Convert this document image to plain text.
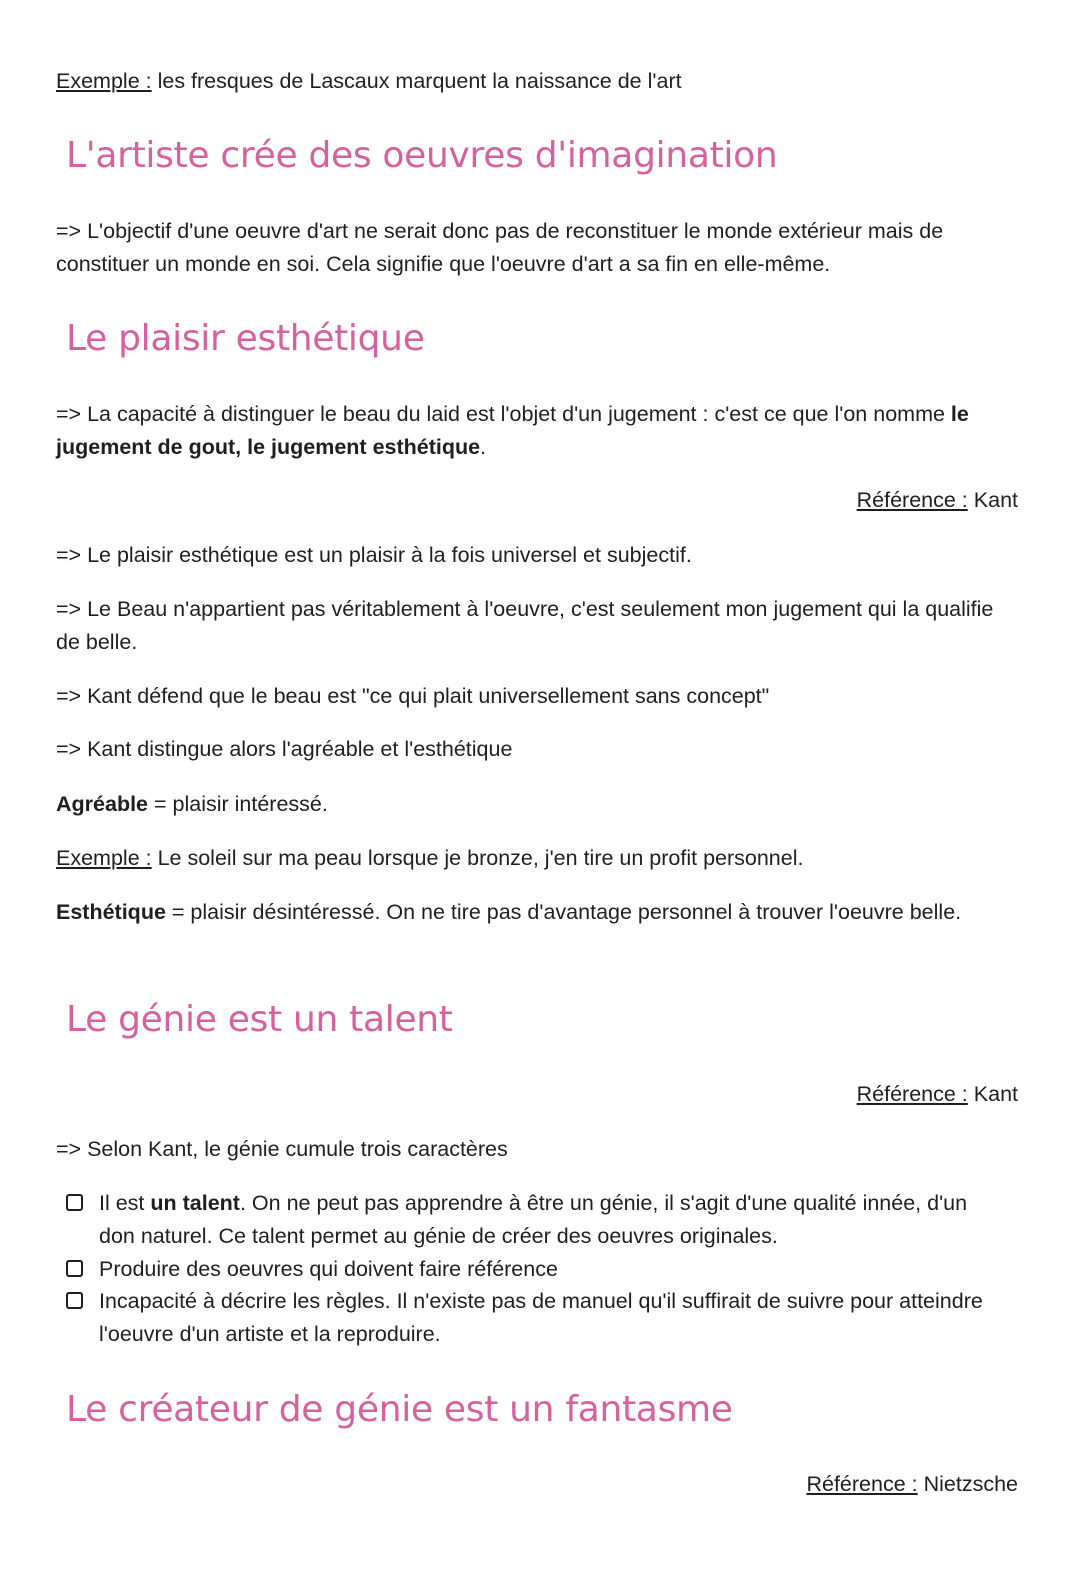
Exemple : les fresques de Lascaux marquent la naissance de l'art

L'artiste crée des oeuvres d'imagination

=> L'objectif d'une oeuvre d'art ne serait donc pas de reconstituer le monde extérieur mais de constituer un monde en soi. Cela signifie que l'oeuvre d'art a sa fin en elle-même.

Le plaisir esthétique

=> La capacité à distinguer le beau du laid est l'objet d'un jugement : c'est ce que l'on nomme le jugement de gout, le jugement esthétique.

Référence : Kant

=> Le plaisir esthétique est un plaisir à la fois universel et subjectif.

=> Le Beau n'appartient pas véritablement à l'oeuvre, c'est seulement mon jugement qui la qualifie de belle.

=> Kant défend que le beau est "ce qui plait universellement sans concept"

=> Kant distingue alors l'agréable et l'esthétique

Agréable = plaisir intéressé.

Exemple : Le soleil sur ma peau lorsque je bronze, j'en tire un profit personnel.

Esthétique = plaisir désintéressé. On ne tire pas d'avantage personnel à trouver l'oeuvre belle.

Le génie est un talent
Référence : Kant

=> Selon Kant, le génie cumule trois caractères

Il est un talent. On ne peut pas apprendre à être un génie, il s'agit d'une qualité innée, d'un don naturel. Ce talent permet au génie de créer des oeuvres originales.
Produire des oeuvres qui doivent faire référence
Incapacité à décrire les règles. Il n'existe pas de manuel qu'il suffirait de suivre pour atteindre l'oeuvre d'un artiste et la reproduire.
Le créateur de génie est un fantasme
Référence : Nietzsche
